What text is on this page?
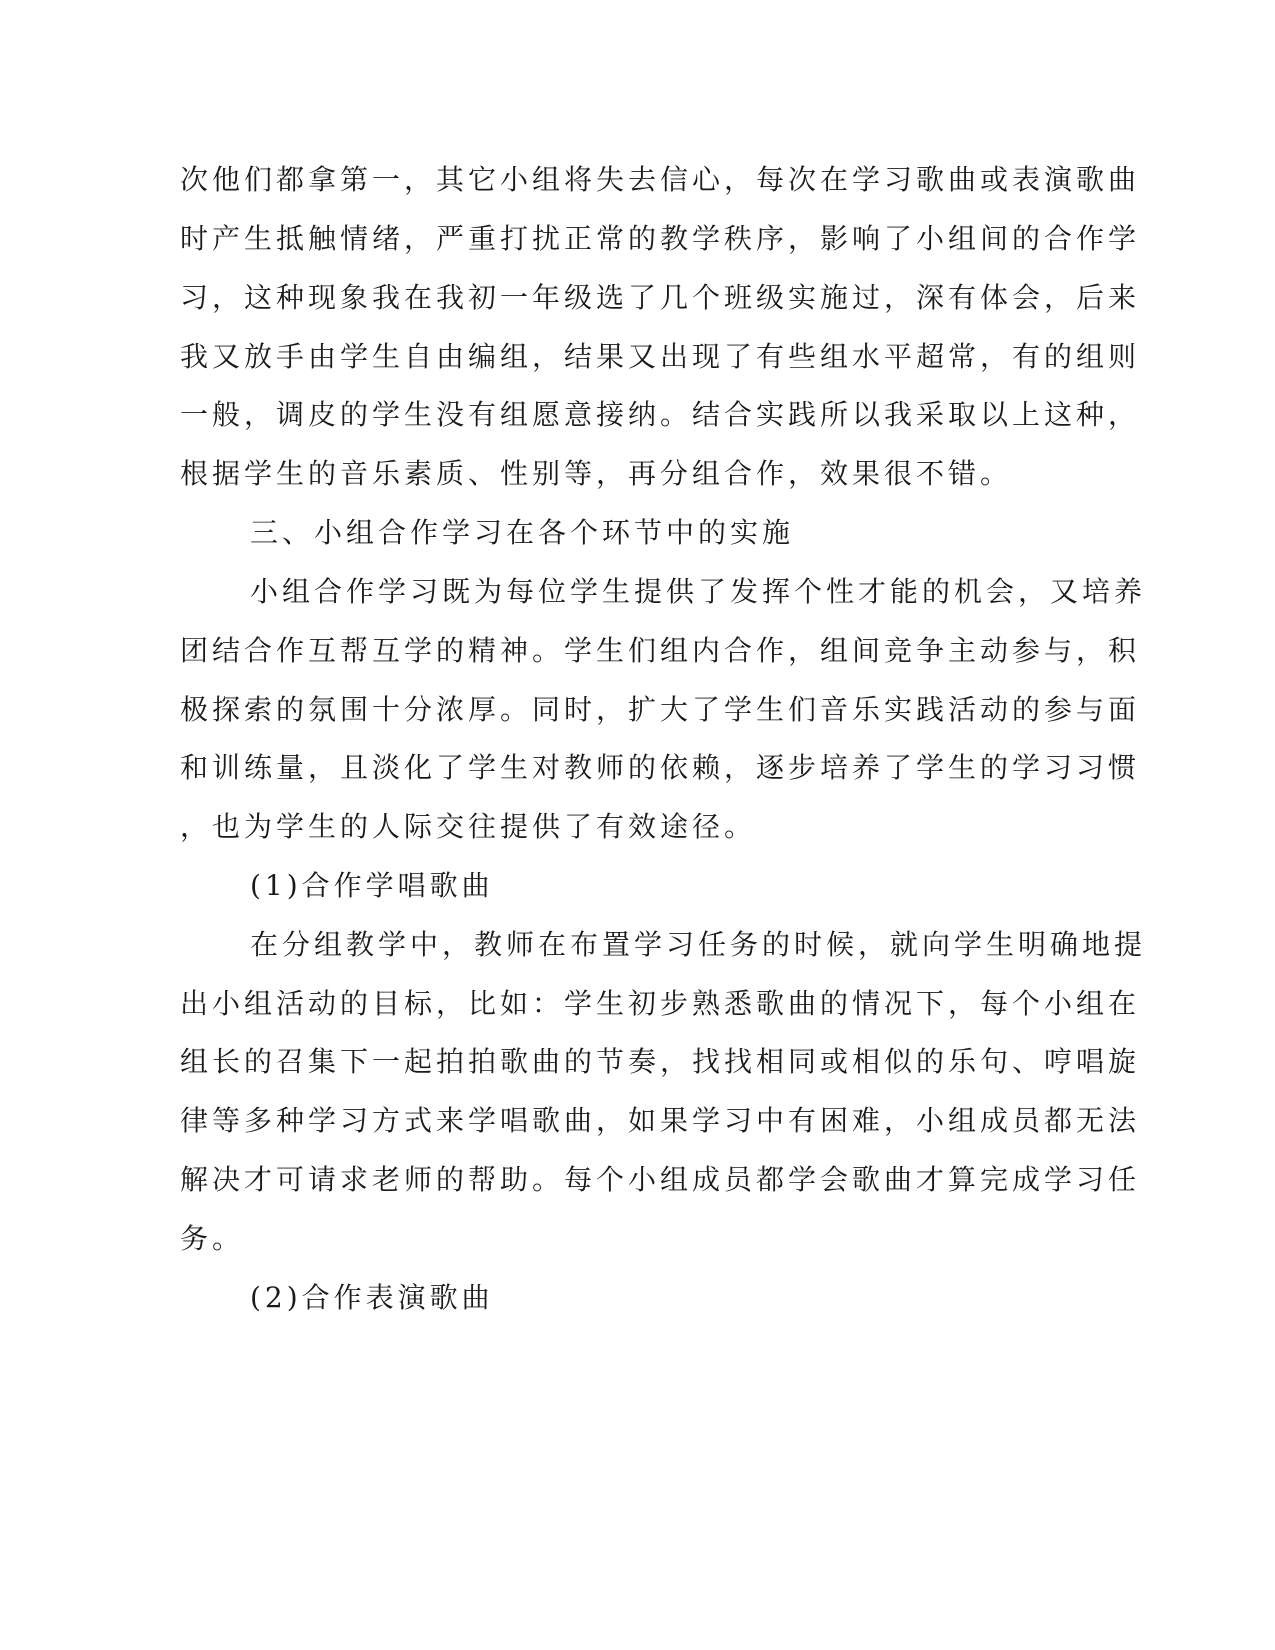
次他们都拿第一，其它小组将失去信心，每次在学习歌曲或表演歌曲
时产生抵触情绪，严重打扰正常的教学秩序，影响了小组间的合作学
习，这种现象我在我初一年级选了几个班级实施过，深有体会，后来
我又放手由学生自由编组，结果又出现了有些组水平超常，有的组则
一般，调皮的学生没有组愿意接纳。结合实践所以我采取以上这种，
根据学生的音乐素质、性别等，再分组合作，效果很不错。
三、小组合作学习在各个环节中的实施
小组合作学习既为每位学生提供了发挥个性才能的机会，又培养
团结合作互帮互学的精神。学生们组内合作，组间竞争主动参与，积
极探索的氛围十分浓厚。同时，扩大了学生们音乐实践活动的参与面
和训练量，且淡化了学生对教师的依赖，逐步培养了学生的学习习惯
，也为学生的人际交往提供了有效途径。
(1)合作学唱歌曲
在分组教学中，教师在布置学习任务的时候，就向学生明确地提
出小组活动的目标，比如：学生初步熟悉歌曲的情况下，每个小组在
组长的召集下一起拍拍歌曲的节奏，找找相同或相似的乐句、哼唱旋
律等多种学习方式来学唱歌曲，如果学习中有困难，小组成员都无法
解决才可请求老师的帮助。每个小组成员都学会歌曲才算完成学习任
务。
(2)合作表演歌曲
